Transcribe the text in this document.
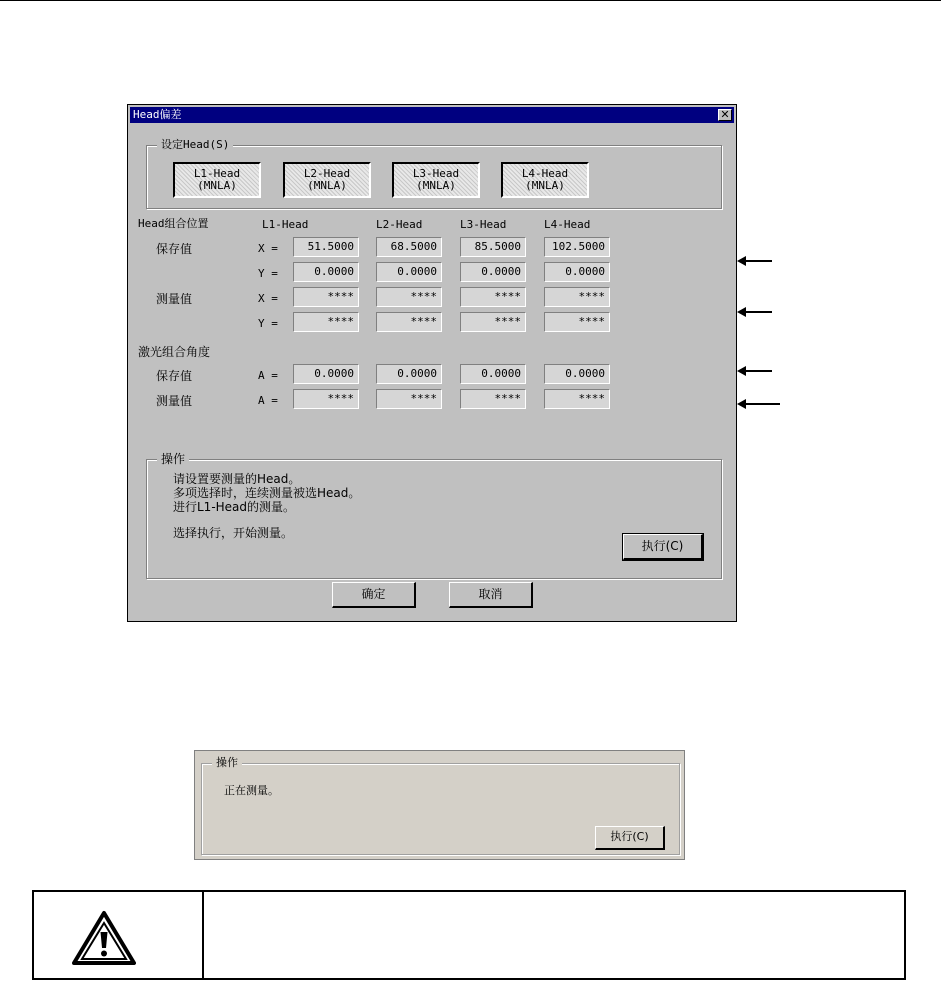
Head偏差	✕
设定Head(S)
L1-Head
(MNLA)
L2-Head
(MNLA)
L3-Head
(MNLA)
L4-Head
(MNLA)
Head组合位置	L1-Head	L2-Head	L3-Head	L4-Head
保存值	X =	51.5000	68.5000	85.5000	102.5000
Y =	0.0000	0.0000	0.0000	0.0000
测量值	X =	****	****	****	****
Y =	****	****	****	****
激光组合角度
保存值	A =	0.0000	0.0000	0.0000	0.0000
测量值	A =	****	****	****	****
操作
请设置要测量的Head。
多项选择时，连续测量被选Head。
进行L1-Head的测量。
选择执行，开始测量。
执行(C)
确定	取消
操作
正在测量。
执行(C)
